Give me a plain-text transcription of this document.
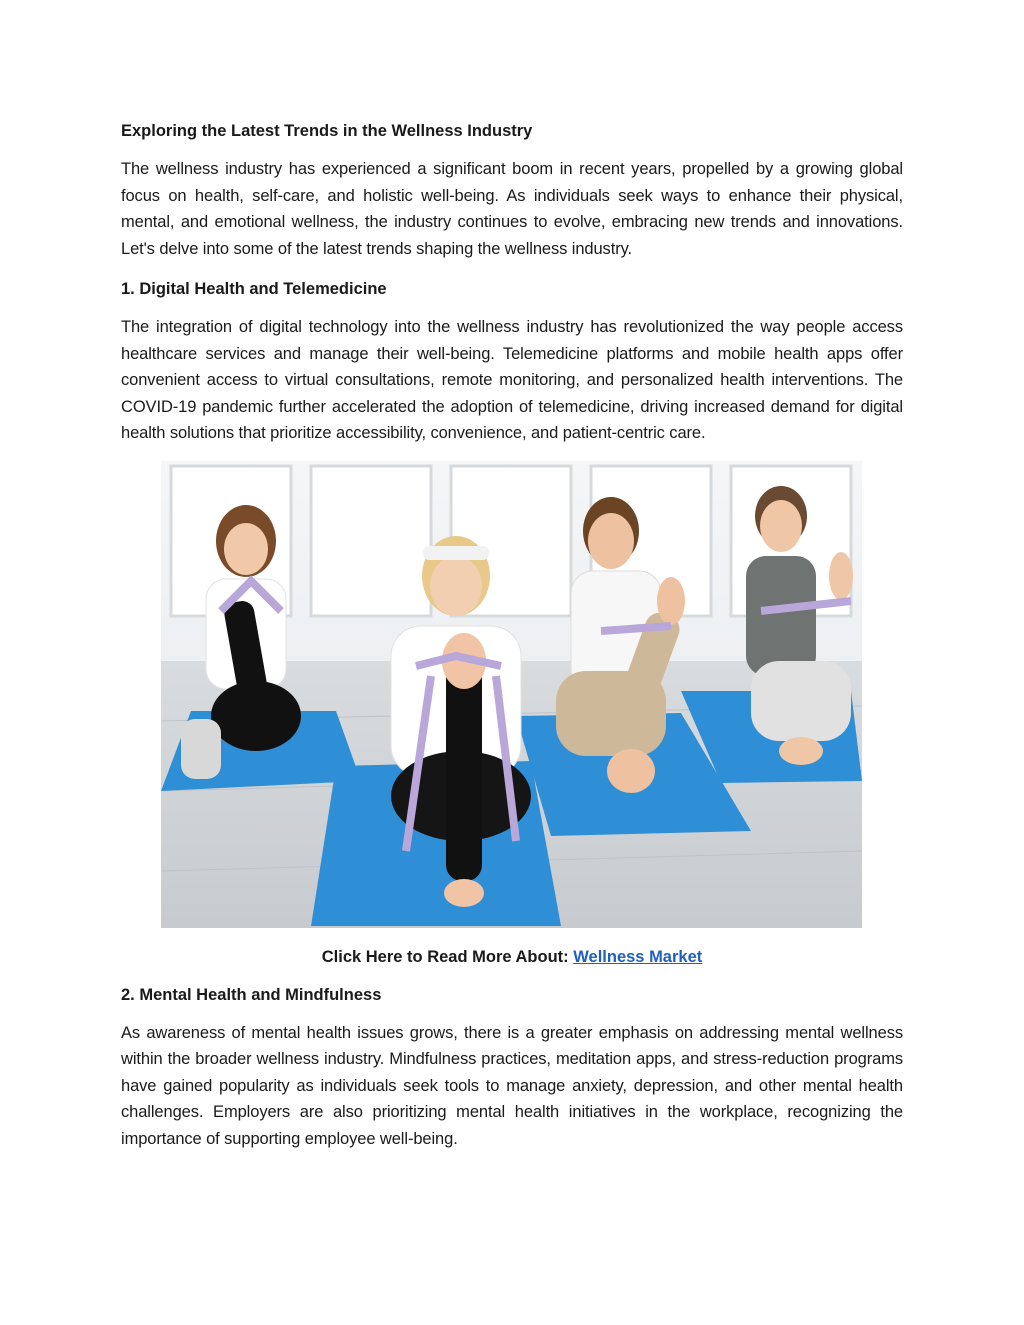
Exploring the Latest Trends in the Wellness Industry

The wellness industry has experienced a significant boom in recent years, propelled by a growing global focus on health, self-care, and holistic well-being. As individuals seek ways to enhance their physical, mental, and emotional wellness, the industry continues to evolve, embracing new trends and innovations. Let's delve into some of the latest trends shaping the wellness industry.

1. Digital Health and Telemedicine

The integration of digital technology into the wellness industry has revolutionized the way people access healthcare services and manage their well-being. Telemedicine platforms and mobile health apps offer convenient access to virtual consultations, remote monitoring, and personalized health interventions. The COVID-19 pandemic further accelerated the adoption of telemedicine, driving increased demand for digital health solutions that prioritize accessibility, convenience, and patient-centric care.

Click Here to Read More About: Wellness Market
2. Mental Health and Mindfulness

As awareness of mental health issues grows, there is a greater emphasis on addressing mental wellness within the broader wellness industry. Mindfulness practices, meditation apps, and stress-reduction programs have gained popularity as individuals seek tools to manage anxiety, depression, and other mental health challenges. Employers are also prioritizing mental health initiatives in the workplace, recognizing the importance of supporting employee well-being.
